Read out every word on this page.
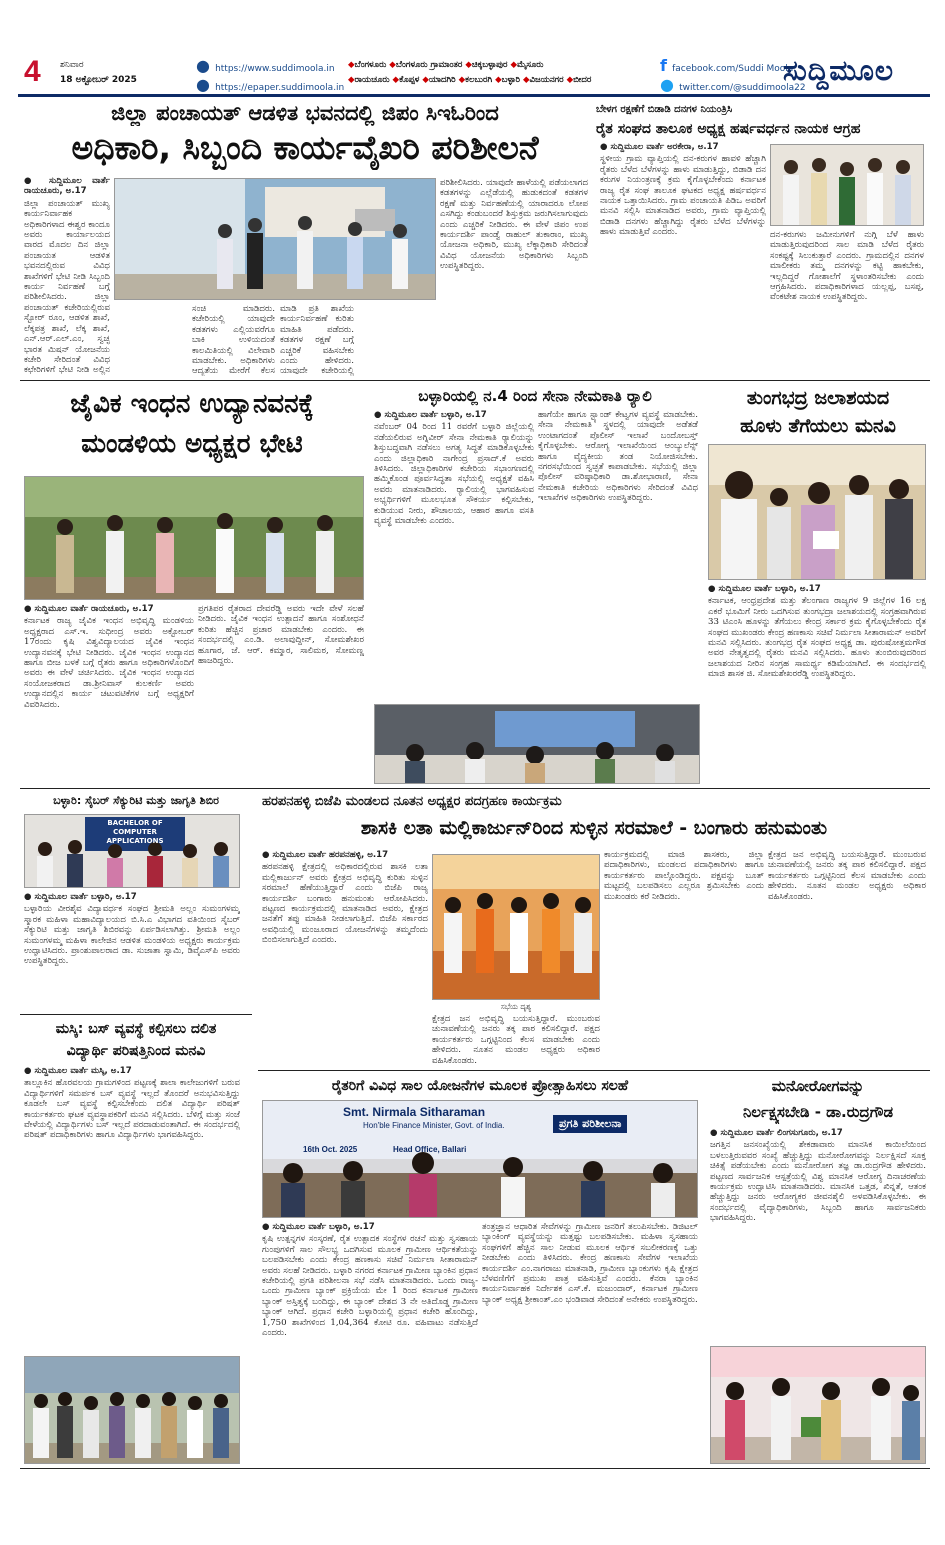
4 ಶನಿವಾರ
18 ಅಕ್ಟೋಬರ್ 2025
● https://www.suddimoola.in
● https://epaper.suddimoola.in
◆ಬೆಂಗಳೂರು ◆ಬೆಂಗಳೂರು ಗ್ರಾಮಾಂತರ ◆ಚಿಕ್ಕಬಳ್ಳಾಪುರ ◆ಮೈಸೂರು
◆ರಾಯಚೂರು ◆ಕೊಪ್ಪಳ ◆ಯಾದಗಿರಿ ◆ಕಲಬುರಗಿ ◆ಬಳ್ಳಾರಿ ◆ವಿಜಯನಗರ ◆ಬೀದರ
f facebook.com/Suddi Moola
● twitter.com/@suddimoola22
ಸುದ್ದಿಮೂಲ
ಜಿಲ್ಲಾ ಪಂಚಾಯತ್ ಆಡಳಿತ ಭವನದಲ್ಲಿ ಜಿಪಂ ಸಿಇಓರಿಂದ
ಅಧಿಕಾರಿ, ಸಿಬ್ಬಂದಿ ಕಾರ್ಯವೈಖರಿ ಪರಿಶೀಲನೆ

● ಸುದ್ದಿಮೂಲ ವಾರ್ತೆ ರಾಯಚೂರು, ಅ.17

ಜಿಲ್ಲಾ ಪಂಚಾಯತ್ ಮುಖ್ಯ ಕಾರ್ಯನಿರ್ವಾಹಕ ಅಧಿಕಾರಿಗಳಾದ ಈಶ್ವರ ಕಾಂದೂ ಅವರು ಕಾರ್ಯಾಲಯದ ವಾರದ ಮೊದಲ ದಿನ ಜಿಲ್ಲಾ ಪಂಚಾಯತ ಆಡಳಿತ ಭವನದಲ್ಲಿರುವ ವಿವಿಧ ಶಾಖೆಗಳಿಗೆ ಭೇಟಿ ನೀಡಿ ಸಿಬ್ಬಂದಿ ಕಾರ್ಯ ನಿರ್ವಹಣೆ ಬಗ್ಗೆ ಪರಿಶೀಲಿಸಿದರು. ಜಿಲ್ಲಾ ಪಂಚಾಯತ್ ಕಚೇರಿಯಲ್ಲಿರುವ ಸ್ಟೋರ್ ರೂಂ, ಆಡಳಿತ ಶಾಖೆ, ಲೆಕ್ಕಪತ್ರ ಶಾಖೆ, ಲೆಕ್ಕ ಶಾಖೆ, ಎನ್.ಆರ್.ಎಲ್.ಎಂ, ಸ್ವಚ್ಛ ಭಾರತ ಮಿಷನ್ ಯೋಜನೆಯ ಕಚೇರಿ ಸೇರಿದಂತೆ ವಿವಿಧ ಕಛೇರಿಗಳಿಗೆ ಭೇಟಿ ನೀಡಿ ಅಲ್ಲಿನ

ಸಂಚಿ ಮಾಡಿದರು. ಕಚೇರಿಯಲ್ಲಿ ಯಾವುದೇ ಕಡತಗಳು ಎಲ್ಲಿಯವರೆಗೂ ಬಾಕಿ ಉಳಿಯದಂತೆ ಕಾಲಮಿತಿಯಲ್ಲಿ ವಿಲೇವಾರಿ ಮಾಡಬೇಕು. ಅಧಿಕಾರಿಗಳು ಆದ್ಯತೆಯ ಮೇರೆಗೆ ಕೆಲಸ
ಮಾಡಿ ಪ್ರತಿ ಶಾಖೆಯ ಕಾರ್ಯನಿರ್ವಹಣೆ ಕುರಿತು ಮಾಹಿತಿ ಪಡೆದರು. ಕಡತಗಳ ರಕ್ಷಣೆ ಬಗ್ಗೆ ಎಚ್ಚರಿಕೆ ವಹಿಸಬೇಕು ಎಂದು ಹೇಳಿದರು. ಯಾವುದೇ ಕಚೇರಿಯಲ್ಲಿ
ಪರಿಶೀಲಿಸಿದರು. ಯಾವುದೇ ಹಾಳೆಯಲ್ಲಿ ಪಡೆಯಲಾಗದ ಕಡತಗಳನ್ನು ಎಲ್ಲೆಡೆಯಲ್ಲಿ ಹುಡುಕದಂತೆ ಕಡತಗಳ ರಕ್ಷಣೆ ಮತ್ತು ನಿರ್ವಹಣೆಯಲ್ಲಿ ಯಾರಾದರೂ ಲೋಪ ಎಸಗಿದ್ದು ಕಂಡುಬಂದರೆ ಶಿಸ್ತುಕ್ರಮ ಜರುಗಿಸಲಾಗುವುದು ಎಂದು ಎಚ್ಚರಿಕೆ ನೀಡಿದರು. ಈ ವೇಳೆ ಜಿಪಂ ಉಪ ಕಾರ್ಯದರ್ಶಿ ಪಾಂಡ್ವೆ ರಾಹುಲ್ ತುಕಾರಾಂ, ಮುಖ್ಯ ಯೋಜನಾ ಅಧಿಕಾರಿ, ಮುಖ್ಯ ಲೆಕ್ಕಾಧಿಕಾರಿ ಸೇರಿದಂತೆ ವಿವಿಧ ಯೋಜನೆಯ ಅಧಿಕಾರಿಗಳು ಸಿಬ್ಬಂದಿ ಉಪಸ್ಥಿತರಿದ್ದರು.
ಬೇಳಗ ರಕ್ಷಣೆಗೆ ಬಿಡಾಡಿ ದನಗಳ ನಿಯಂತ್ರಿಸಿ
ರೈತ ಸಂಘದ ತಾಲೂಕ ಅಧ್ಯಕ್ಷ ಹರ್ಷವರ್ಧನ ನಾಯಕ ಆಗ್ರಹ

● ಸುದ್ದಿಮೂಲ ವಾರ್ತೆ ಅರಕೇರಾ, ಅ.17

ಸ್ಥಳೀಯ ಗ್ರಾಮ ವ್ಯಾಪ್ತಿಯಲ್ಲಿ ದನ-ಕರುಗಳ ಹಾವಳಿ ಹೆಚ್ಚಾಗಿ ರೈತರು ಬೆಳೆದ ಬೆಳೆಗಳನ್ನು ಹಾಳು ಮಾಡುತ್ತಿದ್ದು, ಬಿಡಾಡಿ ದನ ಕರುಗಳ ನಿಯಂತ್ರಣಕ್ಕೆ ಕ್ರಮ ಕೈಗೊಳ್ಳಬೇಕೆಂದು ಕರ್ನಾಟಕ ರಾಜ್ಯ ರೈತ ಸಂಘ ತಾಲೂಕ ಘಟಕದ ಅಧ್ಯಕ್ಷ ಹರ್ಷವರ್ಧನ ನಾಯಕ ಒತ್ತಾಯಿಸಿದರು. ಗ್ರಾಮ ಪಂಚಾಯತಿ ಪಿಡಿಒ ಅವರಿಗೆ ಮನವಿ ಸಲ್ಲಿಸಿ ಮಾತನಾಡಿದ ಅವರು, ಗ್ರಾಮ ವ್ಯಾಪ್ತಿಯಲ್ಲಿ ಬಿಡಾಡಿ ದನಗಳು ಹೆಚ್ಚಾಗಿದ್ದು ರೈತರು ಬೆಳೆದ ಬೆಳೆಗಳನ್ನು ಹಾಳು ಮಾಡುತ್ತಿವೆ ಎಂದರು.	ದನ-ಕರುಗಳು ಜಮೀನುಗಳಿಗೆ ನುಗ್ಗಿ ಬೆಳೆ ಹಾಳು ಮಾಡುತ್ತಿರುವುದರಿಂದ ಸಾಲ ಮಾಡಿ ಬೆಳೆದ ರೈತರು ಸಂಕಷ್ಟಕ್ಕೆ ಸಿಲುಕುತ್ತಾರೆ ಎಂದರು. ಗ್ರಾಮದಲ್ಲಿನ ದನಗಳ ಮಾಲೀಕರು ತಮ್ಮ ದನಗಳನ್ನು ಕಟ್ಟಿ ಹಾಕಬೇಕು, ಇಲ್ಲದಿದ್ದರೆ ಗೋಶಾಲೆಗೆ ಸ್ಥಳಾಂತರಿಸಬೇಕು ಎಂದು ಆಗ್ರಹಿಸಿದರು. ಪದಾಧಿಕಾರಿಗಳಾದ ಯಲ್ಲಪ್ಪ, ಬಸಪ್ಪ, ವೆಂಕಟೇಶ ನಾಯಕ ಉಪಸ್ಥಿತರಿದ್ದರು.
ಜೈವಿಕ ಇಂಧನ ಉದ್ಯಾನವನಕ್ಕೆ
ಮಂಡಳಿಯ ಅಧ್ಯಕ್ಷರ ಭೇಟಿ

● ಸುದ್ದಿಮೂಲ ವಾರ್ತೆ ರಾಯಚೂರು, ಅ.17

ಕರ್ನಾಟಕ ರಾಜ್ಯ ಜೈವಿಕ ಇಂಧನ ಅಭಿವೃದ್ಧಿ ಮಂಡಳಿಯ ಅಧ್ಯಕ್ಷರಾದ ಎಸ್.ಇ. ಸುಧೀಂದ್ರ ಅವರು ಅಕ್ಟೋಬರ್ 17ರಂದು ಕೃಷಿ ವಿಶ್ವವಿದ್ಯಾಲಯದ ಜೈವಿಕ ಇಂಧನ ಉದ್ಯಾನವನಕ್ಕೆ ಭೇಟಿ ನೀಡಿದರು. ಜೈವಿಕ ಇಂಧನ ಉದ್ಯಾನದ ಹಾಗೂ ಬೀಜ ಬಳಕೆ ಬಗ್ಗೆ ರೈತರು ಹಾಗೂ ಅಧಿಕಾರಿಗಳೊಂದಿಗೆ ಅವರು ಈ ವೇಳೆ ಚರ್ಚಿಸಿದರು. ಜೈವಿಕ ಇಂಧನ ಉದ್ಯಾನದ ಸಂಯೋಜಕರಾದ ಡಾ.ಶ್ರೀನಿವಾಸ್ ಕುಲಕರ್ಣಿ ಅವರು ಉದ್ಯಾನದಲ್ಲಿನ ಕಾರ್ಯ ಚಟುವಟಿಕೆಗಳ ಬಗ್ಗೆ ಅಧ್ಯಕ್ಷರಿಗೆ ವಿವರಿಸಿದರು.

ಪ್ರಗತಿಪರ ರೈತರಾದ ದೇವರೆಡ್ಡಿ ಅವರು ಇದೇ ವೇಳೆ ಸಲಹೆ ನೀಡಿದರು. ಜೈವಿಕ ಇಂಧನ ಉತ್ಪಾದನೆ ಹಾಗೂ ಸಂಶೋಧನೆ ಕುರಿತು ಹೆಚ್ಚಿನ ಪ್ರಚಾರ ಮಾಡಬೇಕು ಎಂದರು. ಈ ಸಂದರ್ಭದಲ್ಲಿ ಎಂ.ಡಿ. ಅಲಾವುದ್ದೀನ್, ಸೋಮಶೇಖರ ಹೂಗಾರ, ಜೆ. ಆರ್. ಕಮ್ಮಾರ, ಸಾಲಿಮಠ, ಸೋಮಣ್ಣ ಹಾಜರಿದ್ದರು.
ಬಳ್ಳಾರಿಯಲ್ಲಿ ನ.4 ರಿಂದ ಸೇನಾ ನೇಮಕಾತಿ ರ್‍ಯಾಲಿ

● ಸುದ್ದಿಮೂಲ ವಾರ್ತೆ ಬಳ್ಳಾರಿ, ಅ.17

ನವೆಂಬರ್ 04 ರಿಂದ 11 ರವರೆಗೆ ಬಳ್ಳಾರಿ ಜಿಲ್ಲೆಯಲ್ಲಿ ನಡೆಯಲಿರುವ ಅಗ್ನಿವೀರ್ ಸೇನಾ ನೇಮಕಾತಿ ರ್‍ಯಾಲಿಯನ್ನು ಶಿಸ್ತುಬದ್ಧವಾಗಿ ನಡೆಸಲು ಅಗತ್ಯ ಸಿದ್ಧತೆ ಮಾಡಿಕೊಳ್ಳಬೇಕು ಎಂದು ಜಿಲ್ಲಾಧಿಕಾರಿ ನಾಗೇಂದ್ರ ಪ್ರಸಾದ್.ಕೆ ಅವರು ತಿಳಿಸಿದರು. ಜಿಲ್ಲಾಧಿಕಾರಿಗಳ ಕಚೇರಿಯ ಸಭಾಂಗಣದಲ್ಲಿ ಹಮ್ಮಿಕೊಂಡ ಪೂರ್ವಸಿದ್ಧತಾ ಸಭೆಯಲ್ಲಿ ಅಧ್ಯಕ್ಷತೆ ವಹಿಸಿ ಅವರು ಮಾತನಾಡಿದರು. ರ್‍ಯಾಲಿಯಲ್ಲಿ ಭಾಗವಹಿಸುವ ಅಭ್ಯರ್ಥಿಗಳಿಗೆ ಮೂಲಭೂತ ಸೌಕರ್ಯ ಕಲ್ಪಿಸಬೇಕು, ಕುಡಿಯುವ ನೀರು, ಶೌಚಾಲಯ, ಆಹಾರ ಹಾಗೂ ವಸತಿ ವ್ಯವಸ್ಥೆ ಮಾಡಬೇಕು ಎಂದರು.

ಹಾಗೆಯೇ ಹಾಗೂ ಸ್ಟ್ಯಾಂಡ್ ಕೇಟ್ವಗಳ ವ್ಯವಸ್ಥೆ ಮಾಡಬೇಕು. ಸೇನಾ ನೇಮಕಾತಿ ಸ್ಥಳದಲ್ಲಿ ಯಾವುದೇ ಅಡೆತಡೆ ಉಂಟಾಗದಂತೆ ಪೊಲೀಸ್ ಇಲಾಖೆ ಬಂದೋಬಸ್ತ್ ಕೈಗೊಳ್ಳಬೇಕು. ಆರೋಗ್ಯ ಇಲಾಖೆಯಿಂದ ಆಂಬ್ಯುಲೆನ್ಸ್ ಹಾಗೂ ವೈದ್ಯಕೀಯ ತಂಡ ನಿಯೋಜಿಸಬೇಕು. ನಗರಸಭೆಯಿಂದ ಸ್ವಚ್ಛತೆ ಕಾಪಾಡಬೇಕು. ಸಭೆಯಲ್ಲಿ ಜಿಲ್ಲಾ ಪೊಲೀಸ್ ವರಿಷ್ಠಾಧಿಕಾರಿ ಡಾ.ಶೋಭಾರಾಣಿ, ಸೇನಾ ನೇಮಕಾತಿ ಕಚೇರಿಯ ಅಧಿಕಾರಿಗಳು ಸೇರಿದಂತೆ ವಿವಿಧ ಇಲಾಖೆಗಳ ಅಧಿಕಾರಿಗಳು ಉಪಸ್ಥಿತರಿದ್ದರು.
ತುಂಗಭದ್ರ ಜಲಾಶಯದ
ಹೂಳು ತೆಗೆಯಲು ಮನವಿ

● ಸುದ್ದಿಮೂಲ ವಾರ್ತೆ ಬಳ್ಳಾರಿ, ಅ.17

ಕರ್ನಾಟಕ, ಆಂಧ್ರಪ್ರದೇಶ ಮತ್ತು ತೆಲಂಗಾಣ ರಾಜ್ಯಗಳ 9 ಜಿಲ್ಲೆಗಳ 16 ಲಕ್ಷ ಎಕರೆ ಭೂಮಿಗೆ ನೀರು ಒದಗಿಸುವ ತುಂಗಭದ್ರಾ ಜಲಾಶಯದಲ್ಲಿ ಸಂಗ್ರಹವಾಗಿರುವ 33 ಟಿಎಂಸಿ ಹೂಳನ್ನು ತೆಗೆಯಲು ಕೇಂದ್ರ ಸರ್ಕಾರ ಕ್ರಮ ಕೈಗೊಳ್ಳಬೇಕೆಂದು ರೈತ ಸಂಘದ ಮುಖಂಡರು ಕೇಂದ್ರ ಹಣಕಾಸು ಸಚಿವೆ ನಿರ್ಮಲಾ ಸೀತಾರಾಮನ್ ಅವರಿಗೆ ಮನವಿ ಸಲ್ಲಿಸಿದರು. ತುಂಗಭದ್ರ ರೈತ ಸಂಘದ ಅಧ್ಯಕ್ಷ ಡಾ. ಪುರುಷೋತ್ತಮಗೌಡ ಅವರ ನೇತೃತ್ವದಲ್ಲಿ ರೈತರು ಮನವಿ ಸಲ್ಲಿಸಿದರು. ಹೂಳು ತುಂಬಿರುವುದರಿಂದ ಜಲಾಶಯದ ನೀರಿನ ಸಂಗ್ರಹ ಸಾಮರ್ಥ್ಯ ಕಡಿಮೆಯಾಗಿದೆ. ಈ ಸಂದರ್ಭದಲ್ಲಿ ಮಾಜಿ ಶಾಸಕ ಜಿ. ಸೋಮಶೇಖರರೆಡ್ಡಿ ಉಪಸ್ಥಿತರಿದ್ದರು.

ಬಳ್ಳಾರಿ: ಸೈಬರ್ ಸೆಕ್ಯುರಿಟಿ ಮತ್ತು ಜಾಗೃತಿ ಶಿಬಿರ
BACHELOR OF COMPUTER APPLICATIONS

● ಸುದ್ದಿಮೂಲ ವಾರ್ತೆ ಬಳ್ಳಾರಿ, ಅ.17

ಬಳ್ಳಾರಿಯ ವೀರಶೈವ ವಿದ್ಯಾವರ್ಧಕ ಸಂಘದ ಶ್ರೀಮತಿ ಅಲ್ಲಂ ಸುಮಂಗಳಮ್ಮ ಸ್ಮಾರಕ ಮಹಿಳಾ ಮಹಾವಿದ್ಯಾಲಯದ ಬಿ.ಸಿ.ಎ ವಿಭಾಗದ ವತಿಯಿಂದ ಸೈಬರ್ ಸೆಕ್ಯುರಿಟಿ ಮತ್ತು ಜಾಗೃತಿ ಶಿಬಿರವನ್ನು ಏರ್ಪಡಿಸಲಾಗಿತ್ತು. ಶ್ರೀಮತಿ ಅಲ್ಲಂ ಸುಮಂಗಳಮ್ಮ ಮಹಿಳಾ ಕಾಲೇಜಿನ ಆಡಳಿತ ಮಂಡಳಿಯ ಅಧ್ಯಕ್ಷರು ಕಾರ್ಯಕ್ರಮ ಉದ್ಘಾಟಿಸಿದರು. ಪ್ರಾಂಶುಪಾಲರಾದ ಡಾ. ಸುಜಾತಾ ಸ್ವಾಮಿ, ಡಿವೈಎಸ್‌ಪಿ ಅವರು ಉಪಸ್ಥಿತರಿದ್ದರು.

ಮಸ್ಕಿ: ಬಸ್ ವ್ಯವಸ್ಥೆ ಕಲ್ಪಿಸಲು ದಲಿತ
ವಿದ್ಯಾರ್ಥಿ ಪರಿಷತ್ತಿನಿಂದ ಮನವಿ

● ಸುದ್ದಿಮೂಲ ವಾರ್ತೆ ಮಸ್ಕಿ, ಅ.17

ತಾಲ್ಲೂಕಿನ ಹೊರವಲಯ ಗ್ರಾಮಗಳಿಂದ ಪಟ್ಟಣಕ್ಕೆ ಶಾಲಾ ಕಾಲೇಜುಗಳಿಗೆ ಬರುವ ವಿದ್ಯಾರ್ಥಿಗಳಿಗೆ ಸಮರ್ಪಕ ಬಸ್ ವ್ಯವಸ್ಥೆ ಇಲ್ಲದೆ ತೊಂದರೆ ಅನುಭವಿಸುತ್ತಿದ್ದು ಕೂಡಲೇ ಬಸ್ ವ್ಯವಸ್ಥೆ ಕಲ್ಪಿಸಬೇಕೆಂದು ದಲಿತ ವಿದ್ಯಾರ್ಥಿ ಪರಿಷತ್ ಕಾರ್ಯಕರ್ತರು ಘಟಕ ವ್ಯವಸ್ಥಾಪಕರಿಗೆ ಮನವಿ ಸಲ್ಲಿಸಿದರು. ಬೆಳಿಗ್ಗೆ ಮತ್ತು ಸಂಜೆ ವೇಳೆಯಲ್ಲಿ ವಿದ್ಯಾರ್ಥಿಗಳು ಬಸ್ ಇಲ್ಲದೆ ಪರದಾಡುವಂತಾಗಿದೆ. ಈ ಸಂದರ್ಭದಲ್ಲಿ ಪರಿಷತ್ ಪದಾಧಿಕಾರಿಗಳು ಹಾಗೂ ವಿದ್ಯಾರ್ಥಿಗಳು ಭಾಗವಹಿಸಿದ್ದರು.

ಹರಪನಹಳ್ಳಿ ಬಿಜೆಪಿ ಮಂಡಲದ ನೂತನ ಅಧ್ಯಕ್ಷರ ಪದಗ್ರಹಣ ಕಾರ್ಯಕ್ರಮ
ಶಾಸಕಿ ಲತಾ ಮಲ್ಲಿಕಾರ್ಜುನ್‌ರಿಂದ ಸುಳ್ಳಿನ ಸರಮಾಲೆ - ಬಂಗಾರು ಹನುಮಂತು

● ಸುದ್ದಿಮೂಲ ವಾರ್ತೆ ಹರಪನಹಳ್ಳಿ, ಅ.17

ಹರಪನಹಳ್ಳಿ ಕ್ಷೇತ್ರದಲ್ಲಿ ಅಧಿಕಾರದಲ್ಲಿರುವ ಶಾಸಕಿ ಲತಾ ಮಲ್ಲಿಕಾರ್ಜುನ್ ಅವರು ಕ್ಷೇತ್ರದ ಅಭಿವೃದ್ಧಿ ಕುರಿತು ಸುಳ್ಳಿನ ಸರಮಾಲೆ ಹೆಣೆಯುತ್ತಿದ್ದಾರೆ ಎಂದು ಬಿಜೆಪಿ ರಾಜ್ಯ ಕಾರ್ಯದರ್ಶಿ ಬಂಗಾರು ಹನುಮಂತು ಆರೋಪಿಸಿದರು. ಪಟ್ಟಣದ ಕಾರ್ಯಕ್ರಮದಲ್ಲಿ ಮಾತನಾಡಿದ ಅವರು, ಕ್ಷೇತ್ರದ ಜನತೆಗೆ ತಪ್ಪು ಮಾಹಿತಿ ನೀಡಲಾಗುತ್ತಿದೆ. ಬಿಜೆಪಿ ಸರ್ಕಾರದ ಅವಧಿಯಲ್ಲಿ ಮಂಜೂರಾದ ಯೋಜನೆಗಳನ್ನು ತಮ್ಮದೆಂದು ಬಿಂಬಿಸಲಾಗುತ್ತಿದೆ ಎಂದರು.

ಸಭೆಯ ದೃಶ್ಯ
ಕ್ಷೇತ್ರದ ಜನ ಅಭಿವೃದ್ಧಿ ಬಯಸುತ್ತಿದ್ದಾರೆ. ಮುಂಬರುವ ಚುನಾವಣೆಯಲ್ಲಿ ಜನರು ತಕ್ಕ ಪಾಠ ಕಲಿಸಲಿದ್ದಾರೆ. ಪಕ್ಷದ ಕಾರ್ಯಕರ್ತರು ಒಗ್ಗಟ್ಟಿನಿಂದ ಕೆಲಸ ಮಾಡಬೇಕು ಎಂದು ಹೇಳಿದರು. ನೂತನ ಮಂಡಲ ಅಧ್ಯಕ್ಷರು ಅಧಿಕಾರ ವಹಿಸಿಕೊಂಡರು.
ಕಾರ್ಯಕ್ರಮದಲ್ಲಿ ಮಾಜಿ ಶಾಸಕರು, ಜಿಲ್ಲಾ ಪದಾಧಿಕಾರಿಗಳು, ಮಂಡಲದ ಪದಾಧಿಕಾರಿಗಳು ಹಾಗೂ ಕಾರ್ಯಕರ್ತರು ಪಾಲ್ಗೊಂಡಿದ್ದರು. ಪಕ್ಷವನ್ನು ಬೂತ್ ಮಟ್ಟದಲ್ಲಿ ಬಲಪಡಿಸಲು ಎಲ್ಲರೂ ಶ್ರಮಿಸಬೇಕು ಎಂದು ಮುಖಂಡರು ಕರೆ ನೀಡಿದರು.
ಕ್ಷೇತ್ರದ ಜನ ಅಭಿವೃದ್ಧಿ ಬಯಸುತ್ತಿದ್ದಾರೆ. ಮುಂಬರುವ ಚುನಾವಣೆಯಲ್ಲಿ ಜನರು ತಕ್ಕ ಪಾಠ ಕಲಿಸಲಿದ್ದಾರೆ. ಪಕ್ಷದ ಕಾರ್ಯಕರ್ತರು ಒಗ್ಗಟ್ಟಿನಿಂದ ಕೆಲಸ ಮಾಡಬೇಕು ಎಂದು ಹೇಳಿದರು. ನೂತನ ಮಂಡಲ ಅಧ್ಯಕ್ಷರು ಅಧಿಕಾರ ವಹಿಸಿಕೊಂಡರು.
ರೈತರಿಗೆ ವಿವಿಧ ಸಾಲ ಯೋಜನೆಗಳ ಮೂಲಕ ಪ್ರೋತ್ಸಾಹಿಸಲು ಸಲಹೆ
Smt. Nirmala Sitharaman
Hon'ble Finance Minister, Govt. of India.
16th Oct. 2025	Head Office, Ballari
ಪ್ರಗತಿ ಪರಿಶೀಲನಾ

● ಸುದ್ದಿಮೂಲ ವಾರ್ತೆ ಬಳ್ಳಾರಿ, ಅ.17

ಕೃಷಿ ಉತ್ಪನ್ನಗಳ ಸಂಸ್ಕರಣೆ, ರೈತ ಉತ್ಪಾದಕ ಸಂಸ್ಥೆಗಳ ರಚನೆ ಮತ್ತು ಸ್ವಸಹಾಯ ಗುಂಪುಗಳಿಗೆ ಸಾಲ ಸೌಲಭ್ಯ ಒದಗಿಸುವ ಮೂಲಕ ಗ್ರಾಮೀಣ ಆರ್ಥಿಕತೆಯನ್ನು ಬಲಪಡಿಸಬೇಕು ಎಂದು ಕೇಂದ್ರ ಹಣಕಾಸು ಸಚಿವೆ ನಿರ್ಮಲಾ ಸೀತಾರಾಮನ್ ಅವರು ಸಲಹೆ ನೀಡಿದರು. ಬಳ್ಳಾರಿ ನಗರದ ಕರ್ನಾಟಕ ಗ್ರಾಮೀಣ ಬ್ಯಾಂಕಿನ ಪ್ರಧಾನ ಕಚೇರಿಯಲ್ಲಿ ಪ್ರಗತಿ ಪರಿಶೀಲನಾ ಸಭೆ ನಡೆಸಿ ಮಾತನಾಡಿದರು. ಒಂದು ರಾಜ್ಯ-ಒಂದು ಗ್ರಾಮೀಣ ಬ್ಯಾಂಕ್ ಪ್ರಕ್ರಿಯೆಯ ಮೇ 1 ರಿಂದ ಕರ್ನಾಟಕ ಗ್ರಾಮೀಣ ಬ್ಯಾಂಕ್ ಅಸ್ತಿತ್ವಕ್ಕೆ ಬಂದಿದ್ದು, ಈ ಬ್ಯಾಂಕ್ ದೇಶದ 3 ನೇ ಅತಿದೊಡ್ಡ ಗ್ರಾಮೀಣ ಬ್ಯಾಂಕ್ ಆಗಿದೆ. ಪ್ರಧಾನ ಕಚೇರಿ ಬಳ್ಳಾರಿಯಲ್ಲಿ ಪ್ರಧಾನ ಕಚೇರಿ ಹೊಂದಿದ್ದು, 1,750 ಶಾಖೆಗಳಿಂದ 1,04,364 ಕೋಟಿ ರೂ. ವಹಿವಾಟು ನಡೆಸುತ್ತಿದೆ ಎಂದರು.

ತಂತ್ರಜ್ಞಾನ ಆಧಾರಿತ ಸೇವೆಗಳನ್ನು ಗ್ರಾಮೀಣ ಜನರಿಗೆ ತಲುಪಿಸಬೇಕು. ಡಿಜಿಟಲ್ ಬ್ಯಾಂಕಿಂಗ್ ವ್ಯವಸ್ಥೆಯನ್ನು ಮತ್ತಷ್ಟು ಬಲಪಡಿಸಬೇಕು. ಮಹಿಳಾ ಸ್ವಸಹಾಯ ಸಂಘಗಳಿಗೆ ಹೆಚ್ಚಿನ ಸಾಲ ನೀಡುವ ಮೂಲಕ ಆರ್ಥಿಕ ಸಬಲೀಕರಣಕ್ಕೆ ಒತ್ತು ನೀಡಬೇಕು ಎಂದು ತಿಳಿಸಿದರು. ಕೇಂದ್ರ ಹಣಕಾಸು ಸೇವೆಗಳ ಇಲಾಖೆಯ ಕಾರ್ಯದರ್ಶಿ ಎಂ.ನಾಗರಾಜು ಮಾತನಾಡಿ, ಗ್ರಾಮೀಣ ಬ್ಯಾಂಕುಗಳು ಕೃಷಿ ಕ್ಷೇತ್ರದ ಬೆಳವಣಿಗೆಗೆ ಪ್ರಮುಖ ಪಾತ್ರ ವಹಿಸುತ್ತಿವೆ ಎಂದರು. ಕೆನರಾ ಬ್ಯಾಂಕಿನ ಕಾರ್ಯನಿರ್ವಾಹಕ ನಿರ್ದೇಶಕ ಎಸ್.ಕೆ. ಮಜುಂದಾರ್, ಕರ್ನಾಟಕ ಗ್ರಾಮೀಣ ಬ್ಯಾಂಕ್ ಅಧ್ಯಕ್ಷ ಶ್ರೀಕಾಂತ್.ಎಂ ಭಂಡಿವಾಡ ಸೇರಿದಂತೆ ಅನೇಕರು ಉಪಸ್ಥಿತರಿದ್ದರು.
ಮನೋರೋಗವನ್ನು
ನಿರ್ಲಕ್ಷ್ಯಸಬೇಡಿ - ಡಾ.ರುದ್ರಗೌಡ

● ಸುದ್ದಿಮೂಲ ವಾರ್ತೆ ಲಿಂಗಸುಗೂರು, ಅ.17

ಜಗತ್ತಿನ ಜನಸಂಖ್ಯೆಯಲ್ಲಿ ಶೇಕಡಾವಾರು ಮಾನಸಿಕ ಕಾಯಿಲೆಯಿಂದ ಬಳಲುತ್ತಿರುವವರ ಸಂಖ್ಯೆ ಹೆಚ್ಚುತ್ತಿದ್ದು ಮನೋರೋಗವನ್ನು ನಿರ್ಲಕ್ಷಿಸದೆ ಸೂಕ್ತ ಚಿಕಿತ್ಸೆ ಪಡೆಯಬೇಕು ಎಂದು ಮನೋರೋಗ ತಜ್ಞ ಡಾ.ರುದ್ರಗೌಡ ಹೇಳಿದರು. ಪಟ್ಟಣದ ಸಾರ್ವಜನಿಕ ಆಸ್ಪತ್ರೆಯಲ್ಲಿ ವಿಶ್ವ ಮಾನಸಿಕ ಆರೋಗ್ಯ ದಿನಾಚರಣೆಯ ಕಾರ್ಯಕ್ರಮ ಉದ್ಘಾಟಿಸಿ ಮಾತನಾಡಿದರು. ಮಾನಸಿಕ ಒತ್ತಡ, ಖಿನ್ನತೆ, ಆತಂಕ ಹೆಚ್ಚುತ್ತಿದ್ದು ಜನರು ಆರೋಗ್ಯಕರ ಜೀವನಶೈಲಿ ಅಳವಡಿಸಿಕೊಳ್ಳಬೇಕು. ಈ ಸಂದರ್ಭದಲ್ಲಿ ವೈದ್ಯಾಧಿಕಾರಿಗಳು, ಸಿಬ್ಬಂದಿ ಹಾಗೂ ಸಾರ್ವಜನಿಕರು ಭಾಗವಹಿಸಿದ್ದರು.
